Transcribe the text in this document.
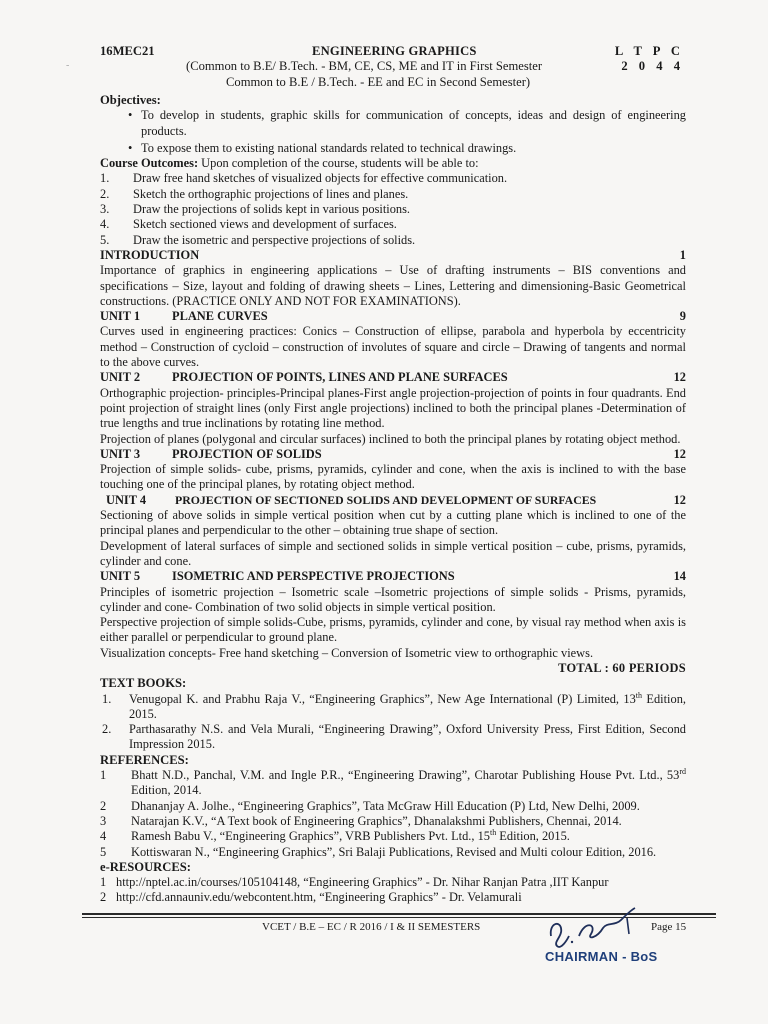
-
16MEC21	ENGINEERING GRAPHICS	L T P C
2 0 4 4
(Common to B.E/ B.Tech. - BM, CE, CS, ME and IT in First Semester
Common to B.E / B.Tech. - EE and EC in Second Semester)
Objectives:
• To develop in students, graphic skills for communication of concepts, ideas and design of engineering products.
• To expose them to existing national standards related to technical drawings.

Course Outcomes: Upon completion of the course, students will be able to:

1. Draw free hand sketches of visualized objects for effective communication.
2. Sketch the orthographic projections of lines and planes.
3. Draw the projections of solids kept in various positions.
4. Sketch sectioned views and development of surfaces.
5. Draw the isometric and perspective projections of solids.
INTRODUCTION	1

Importance of graphics in engineering applications – Use of drafting instruments – BIS conventions and specifications – Size, layout and folding of drawing sheets – Lines, Lettering and dimensioning-Basic Geometrical constructions. (PRACTICE ONLY AND NOT FOR EXAMINATIONS).

UNIT 1	PLANE CURVES	9

Curves used in engineering practices: Conics – Construction of ellipse, parabola and hyperbola by eccentricity method – Construction of cycloid – construction of involutes of square and circle – Drawing of tangents and normal to the above curves.

UNIT 2	PROJECTION OF POINTS, LINES AND PLANE SURFACES	12

Orthographic projection- principles-Principal planes-First angle projection-projection of points in four quadrants. End point projection of straight lines (only First angle projections) inclined to both the principal planes -Determination of true lengths and true inclinations by rotating line method.

Projection of planes (polygonal and circular surfaces) inclined to both the principal planes by rotating object method.

UNIT 3	PROJECTION OF SOLIDS	12

Projection of simple solids- cube, prisms, pyramids, cylinder and cone, when the axis is inclined to with the base touching one of the principal planes, by rotating object method.

UNIT 4	PROJECTION OF SECTIONED SOLIDS AND DEVELOPMENT OF SURFACES	12

Sectioning of above solids in simple vertical position when cut by a cutting plane which is inclined to one of the principal planes and perpendicular to the other – obtaining true shape of section.

Development of lateral surfaces of simple and sectioned solids in simple vertical position – cube, prisms, pyramids, cylinder and cone.

UNIT 5	ISOMETRIC AND PERSPECTIVE PROJECTIONS	14

Principles of isometric projection – Isometric scale –Isometric projections of simple solids - Prisms, pyramids, cylinder and cone- Combination of two solid objects in simple vertical position.

Perspective projection of simple solids-Cube, prisms, pyramids, cylinder and cone, by visual ray method when axis is either parallel or perpendicular to ground plane.

Visualization concepts- Free hand sketching – Conversion of Isometric view to orthographic views.

TOTAL : 60 PERIODS
TEXT BOOKS:
1. Venugopal K. and Prabhu Raja V., “Engineering Graphics”, New Age International (P) Limited, 13th Edition, 2015.
2. Parthasarathy N.S. and Vela Murali, “Engineering Drawing”, Oxford University Press, First Edition, Second Impression 2015.
REFERENCES:
1 Bhatt N.D., Panchal, V.M. and Ingle P.R., “Engineering Drawing”, Charotar Publishing House Pvt. Ltd., 53rd Edition, 2014.
2 Dhananjay A. Jolhe., “Engineering Graphics”, Tata McGraw Hill Education (P) Ltd, New Delhi, 2009.
3 Natarajan K.V., “A Text book of Engineering Graphics”, Dhanalakshmi Publishers, Chennai, 2014.
4 Ramesh Babu V., “Engineering Graphics”, VRB Publishers Pvt. Ltd., 15th Edition, 2015.
5 Kottiswaran N., “Engineering Graphics”, Sri Balaji Publications, Revised and Multi colour Edition, 2016.
e-RESOURCES:
1 http://nptel.ac.in/courses/105104148, “Engineering Graphics” - Dr. Nihar Ranjan Patra ,IIT Kanpur
2 http://cfd.annauniv.edu/webcontent.htm, “Engineering Graphics” - Dr. Velamurali
VCET / B.E – EC / R 2016 / I & II SEMESTERS	Page 15
CHAIRMAN - BoS
